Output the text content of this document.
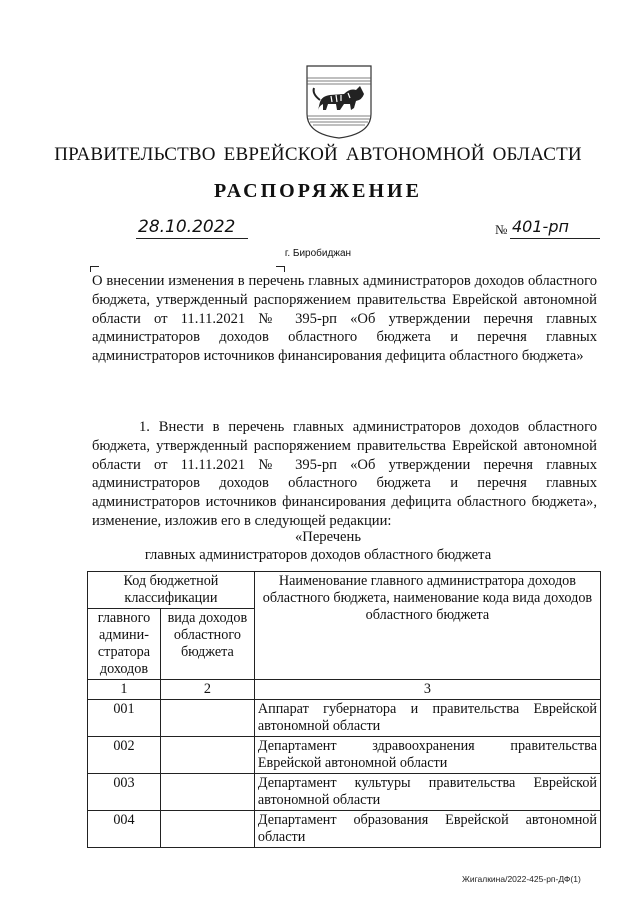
ПРАВИТЕЛЬСТВО ЕВРЕЙСКОЙ АВТОНОМНОЙ ОБЛАСТИ
РАСПОРЯЖЕНИЕ
28.10.2022	№ 401-рп
г. Биробиджан
О внесении изменения в перечень главных администраторов доходов областного бюджета, утвержденный распоряжением правительства Еврейской автономной области от 11.11.2021 № 395-рп «Об утверждении перечня главных администраторов доходов областного бюджета и перечня главных администраторов источников финансирования дефицита областного бюджета»
1. Внести в перечень главных администраторов доходов областного бюджета, утвержденный распоряжением правительства Еврейской автономной области от 11.11.2021 № 395-рп «Об утверждении перечня главных администраторов доходов областного бюджета и перечня главных администраторов источников финансирования дефицита областного бюджета», изменение, изложив его в следующей редакции:
«Перечень
главных администраторов доходов областного бюджета
Код бюджетной классификации		Наименование главного администратора доходов областного бюджета, наименование кода вида доходов областного бюджета
главного админи-стратора доходов	вида доходов областного бюджета	
1	2	3
001		Аппарат губернатора и правительства Еврейской автономной области
002		Департамент здравоохранения правительства Еврейской автономной области
003		Департамент культуры правительства Еврейской автономной области
004		Департамент образования Еврейской автономной области
Жигалкина/2022-425-рп-ДФ(1)
